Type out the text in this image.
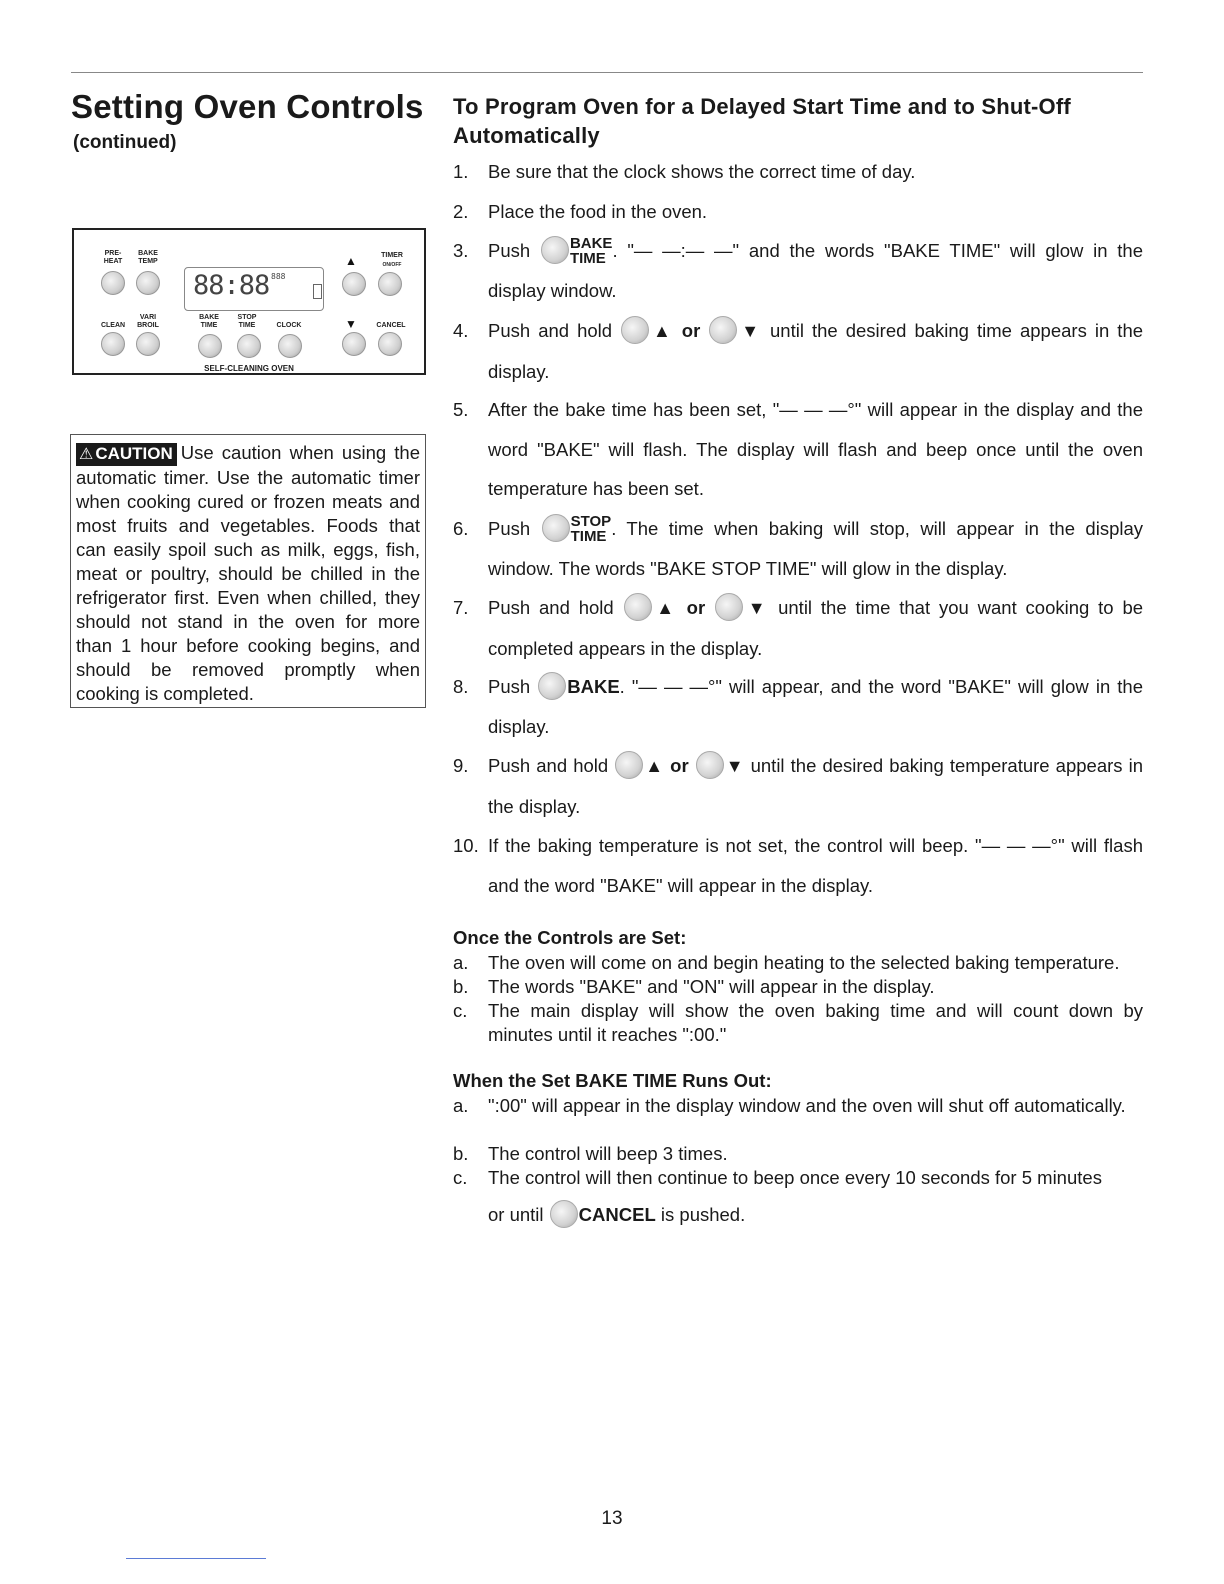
Setting Oven Controls
(continued)
PRE-
HEAT
BAKE
TEMP
88:88 888
▲	TIMER
ON/OFF
CLEAN
VARI
BROIL
BAKE
TIME
STOP
TIME	CLOCK	▼	CANCEL
SELF-CLEANING OVEN
⚠ CAUTION Use caution when using the automatic timer. Use the automatic timer when cooking cured or frozen meats and most fruits and vegetables. Foods that can easily spoil such as milk, eggs, fish, meat or poultry, should be chilled in the refrigerator first. Even when chilled, they should not stand in the oven for more than 1 hour before cooking begins, and should be removed promptly when cooking is completed.
To Program Oven for a Delayed Start Time and to Shut-Off Automatically
1. Be sure that the clock shows the correct time of day.
2. Place the food in the oven.
3. Push	BAKE
TIME . "— —:— —" and the words "BAKE TIME" will glow in the display window.
4. Push and hold ▲ or ▼ until the desired baking time appears in the display.
5. After the bake time has been set, "— — —°" will appear in the display and the word "BAKE" will flash. The display will flash and beep once until the oven temperature has been set.
6. Push	STOP
TIME . The time when baking will stop, will appear in the display window. The words "BAKE STOP TIME" will glow in the display.
7. Push and hold ▲ or ▼ until the time that you want cooking to be completed appears in the display.
8. Push BAKE. "— — —°" will appear, and the word "BAKE" will glow in the display.
9. Push and hold ▲ or ▼ until the desired baking temperature appears in the display.
10. If the baking temperature is not set, the control will beep. "— — —°" will flash and the word "BAKE" will appear in the display.
Once the Controls are Set:
a. The oven will come on and begin heating to the selected baking temperature.
b. The words "BAKE" and "ON" will appear in the display.
c. The main display will show the oven baking time and will count down by minutes until it reaches ":00."
When the Set BAKE TIME Runs Out:
a. ":00" will appear in the display window and the oven will shut off automatically.
b. The control will beep 3 times.
c. The control will then continue to beep once every 10 seconds for 5 minutes
or until CANCEL is pushed.
13
